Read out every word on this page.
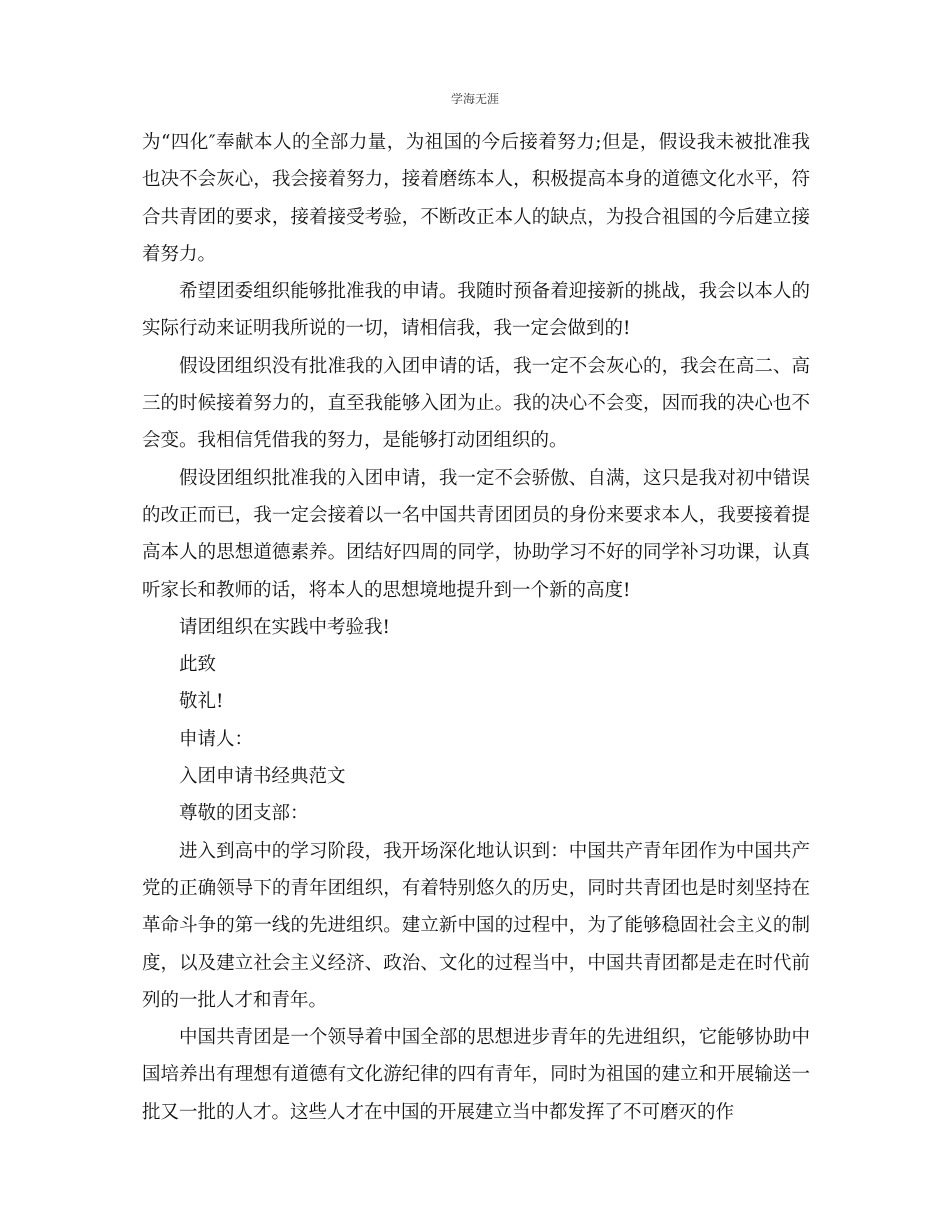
学海无涯

为“四化″奉献本人的全部力量，为祖国的今后接着努力;但是，假设我未被批准我也决不会灰心，我会接着努力，接着磨练本人，积极提高本身的道德文化水平，符合共青团的要求，接着接受考验，不断改正本人的缺点，为投合祖国的今后建立接着努力。

希望团委组织能够批准我的申请。我随时预备着迎接新的挑战，我会以本人的实际行动来证明我所说的一切，请相信我，我一定会做到的!

假设团组织没有批准我的入团申请的话，我一定不会灰心的，我会在高二、高三的时候接着努力的，直至我能够入团为止。我的决心不会变，因而我的决心也不会变。我相信凭借我的努力，是能够打动团组织的。

假设团组织批准我的入团申请，我一定不会骄傲、自满，这只是我对初中错误的改正而已，我一定会接着以一名中国共青团团员的身份来要求本人，我要接着提高本人的思想道德素养。团结好四周的同学，协助学习不好的同学补习功课，认真听家长和教师的话，将本人的思想境地提升到一个新的高度!

请团组织在实践中考验我!

此致

敬礼!

申请人：

入团申请书经典范文

尊敬的团支部：

进入到高中的学习阶段，我开场深化地认识到：中国共产青年团作为中国共产党的正确领导下的青年团组织，有着特别悠久的历史，同时共青团也是时刻坚持在革命斗争的第一线的先进组织。建立新中国的过程中，为了能够稳固社会主义的制度，以及建立社会主义经济、政治、文化的过程当中，中国共青团都是走在时代前列的一批人才和青年。

中国共青团是一个领导着中国全部的思想进步青年的先进组织，它能够协助中国培养出有理想有道德有文化游纪律的四有青年，同时为祖国的建立和开展输送一批又一批的人才。这些人才在中国的开展建立当中都发挥了不可磨灭的作
